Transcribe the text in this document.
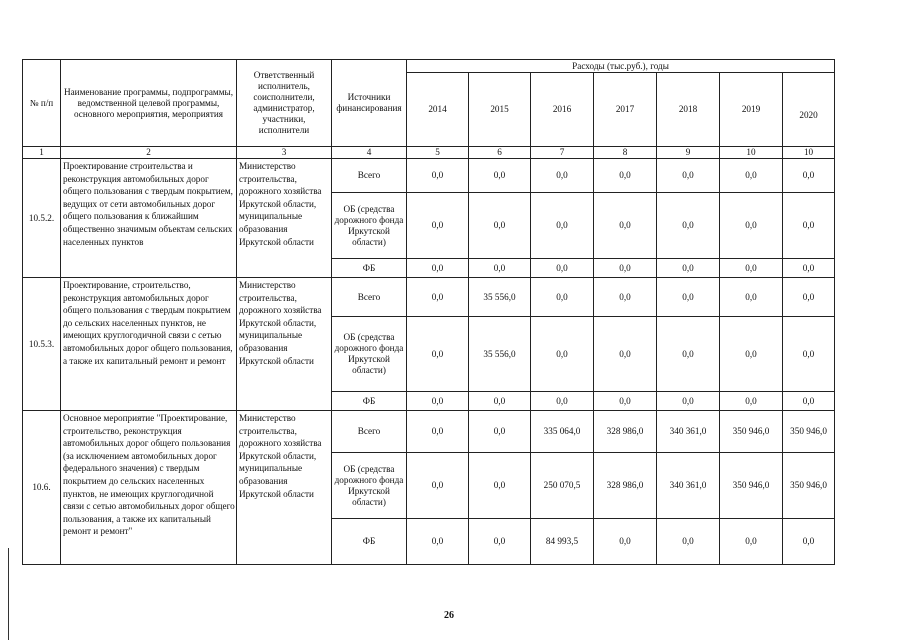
№ п/п	Наименование программы, подпрограммы, ведомственной целевой программы, основного мероприятия, мероприятия	Ответственный исполнитель, соисполнители, администратор, участники, исполнители	Источники финансирования	Расходы (тыс.руб.), годы						
				2014	2015	2016	2017	2018	2019	2020
1	2	3	4	5	6	7	8	9	10	10
10.5.2.	Проектирование строительства и реконструкция автомобильных дорог общего пользования с твердым покрытием, ведущих от сети автомобильных дорог общего пользования к ближайшим общественно значимым объектам сельских населенных пунктов	Министерство строительства, дорожного хозяйства Иркутской области, муниципальные образования Иркутской области	Всего	0,0	0,0	0,0	0,0	0,0	0,0	0,0
			ОБ (средства дорожного фонда Иркутской области)	0,0	0,0	0,0	0,0	0,0	0,0	0,0
			ФБ	0,0	0,0	0,0	0,0	0,0	0,0	0,0
10.5.3.	Проектирование, строительство, реконструкция автомобильных дорог общего пользования с твердым покрытием до сельских населенных пунктов, не имеющих круглогодичной связи с сетью автомобильных дорог общего пользования, а также их капитальный ремонт и ремонт	Министерство строительства, дорожного хозяйства Иркутской области, муниципальные образования Иркутской области	Всего	0,0	35 556,0	0,0	0,0	0,0	0,0	0,0
			ОБ (средства дорожного фонда Иркутской области)	0,0	35 556,0	0,0	0,0	0,0	0,0	0,0
			ФБ	0,0	0,0	0,0	0,0	0,0	0,0	0,0
10.6.	Основное мероприятие "Проектирование, строительство, реконструкция автомобильных дорог общего пользования (за исключением автомобильных дорог федерального значения) с твердым покрытием до сельских населенных пунктов, не имеющих круглогодичной связи с сетью автомобильных дорог общего пользования, а также их капитальный ремонт и ремонт"	Министерство строительства, дорожного хозяйства Иркутской области, муниципальные образования Иркутской области	Всего	0,0	0,0	335 064,0	328 986,0	340 361,0	350 946,0	350 946,0
			ОБ (средства дорожного фонда Иркутской области)	0,0	0,0	250 070,5	328 986,0	340 361,0	350 946,0	350 946,0
			ФБ	0,0	0,0	84 993,5	0,0	0,0	0,0	0,0
26
